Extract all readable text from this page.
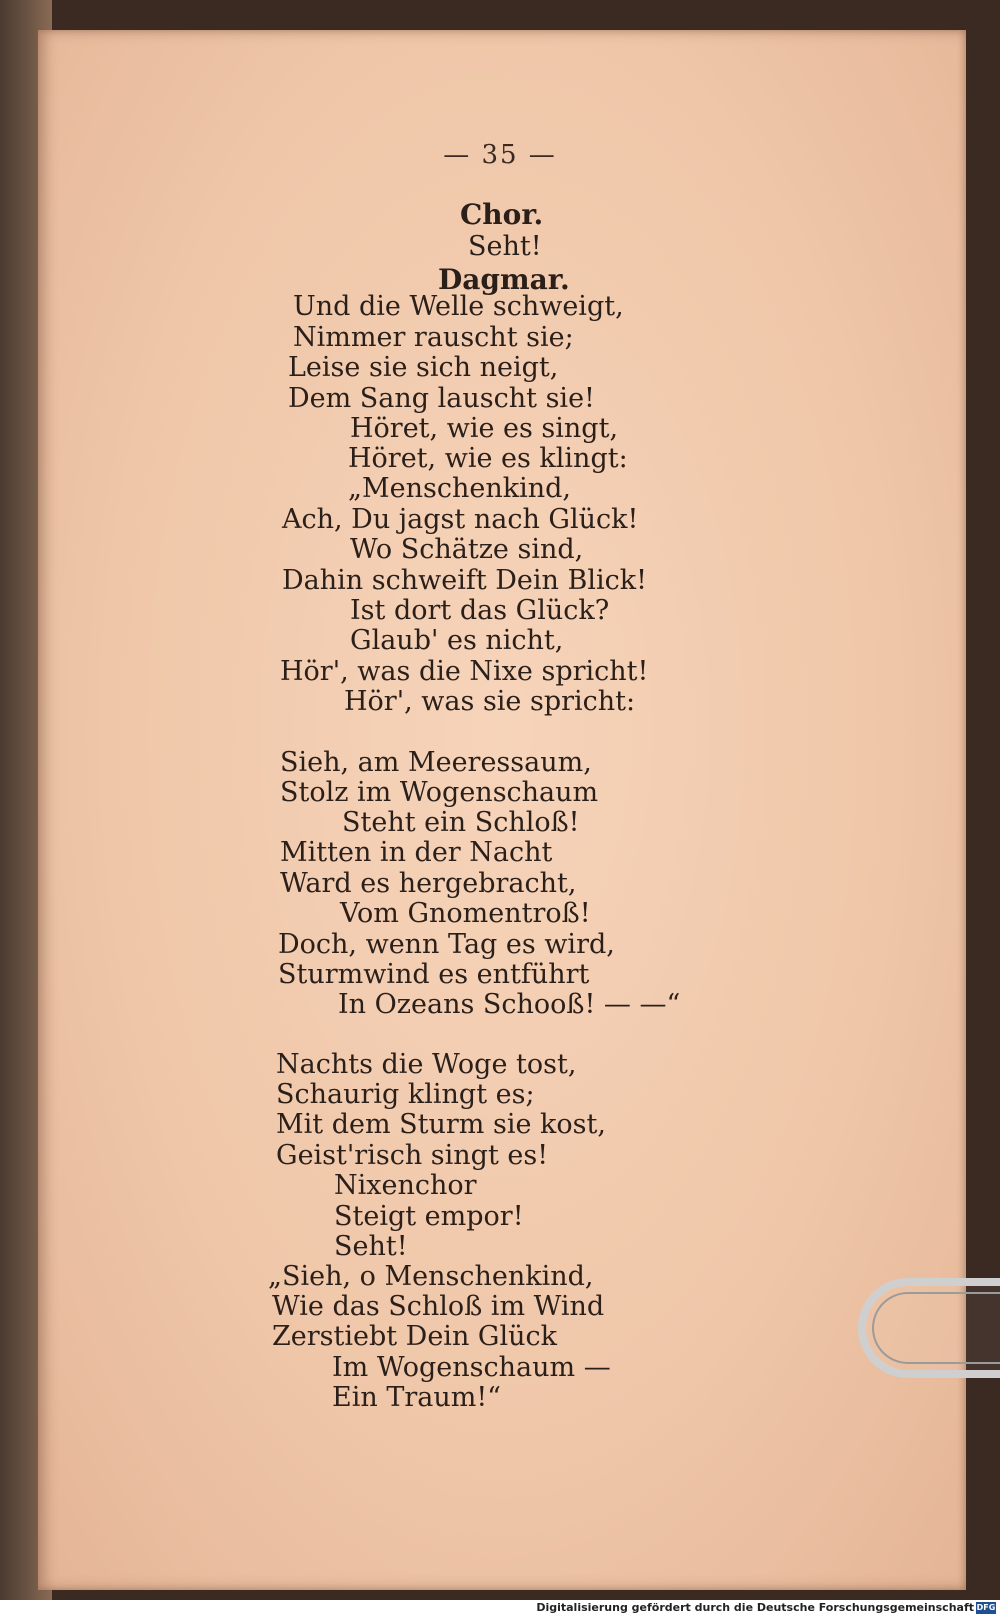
— 35 —
Chor.
Seht!
Dagmar.
Und die Welle schweigt,
Nimmer rauscht sie;
Leise sie sich neigt,
Dem Sang lauscht sie!
Höret, wie es singt,
Höret, wie es klingt:
„Menschenkind,
Ach, Du jagst nach Glück!
Wo Schätze sind,
Dahin schweift Dein Blick!
Ist dort das Glück?
Glaub' es nicht,
Hör', was die Nixe spricht!
Hör', was sie spricht:
Sieh, am Meeressaum,
Stolz im Wogenschaum
Steht ein Schloß!
Mitten in der Nacht
Ward es hergebracht,
Vom Gnomentroß!
Doch, wenn Tag es wird,
Sturmwind es entführt
In Ozeans Schooß! — —“
Nachts die Woge tost,
Schaurig klingt es;
Mit dem Sturm sie kost,
Geist'risch singt es!
Nixenchor
Steigt empor!
Seht!
„Sieh, o Menschenkind,
Wie das Schloß im Wind
Zerstiebt Dein Glück
Im Wogenschaum —
Ein Traum!“
Digitalisierung gefördert durch die Deutsche Forschungsgemeinschaft DFG
